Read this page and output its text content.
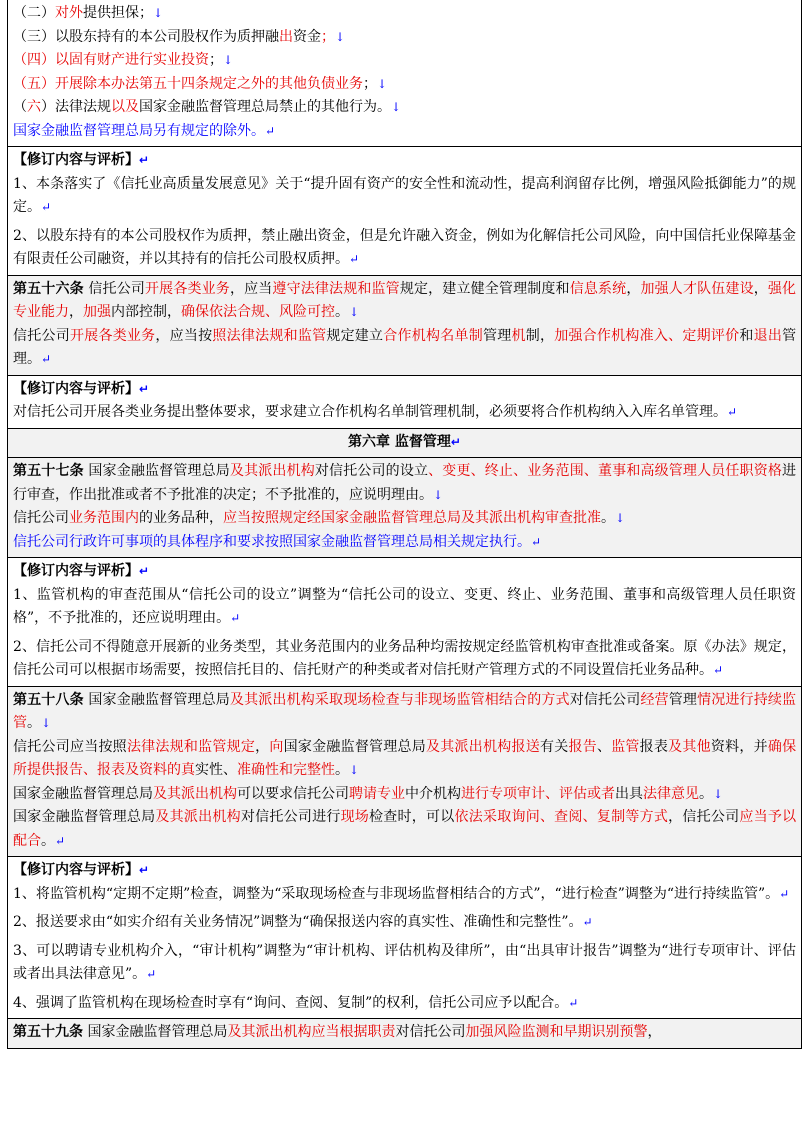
（二）对外提供担保；↓

（三）以股东持有的本公司股权作为质押融出资金；↓

（四）以固有财产进行实业投资；↓

（五）开展除本办法第五十四条规定之外的其他负债业务；↓

（六）法律法规以及国家金融监督管理总局禁止的其他行为。↓

国家金融监督管理总局另有规定的除外。↵

【修订内容与评析】↵

1、本条落实了《信托业高质量发展意见》关于“提升固有资产的安全性和流动性，提高利润留存比例，增强风险抵御能力”的规定。↵

2、以股东持有的本公司股权作为质押，禁止融出资金，但是允许融入资金，例如为化解信托公司风险，向中国信托业保障基金有限责任公司融资，并以其持有的信托公司股权质押。↵

第五十六条 信托公司开展各类业务，应当遵守法律法规和监管规定，建立健全管理制度和信息系统，加强人才队伍建设，强化专业能力，加强内部控制，确保依法合规、风险可控。↓

信托公司开展各类业务，应当按照法律法规和监管规定建立合作机构名单制管理机制，加强合作机构准入、定期评价和退出管理。↵

【修订内容与评析】↵

对信托公司开展各类业务提出整体要求，要求建立合作机构名单制管理机制，必须要将合作机构纳入入库名单管理。↵

第六章 监督管理↵

第五十七条 国家金融监督管理总局及其派出机构对信托公司的设立、变更、终止、业务范围、董事和高级管理人员任职资格进行审查，作出批准或者不予批准的决定；不予批准的，应说明理由。↓

信托公司业务范围内的业务品种，应当按照规定经国家金融监督管理总局及其派出机构审查批准。↓

信托公司行政许可事项的具体程序和要求按照国家金融监督管理总局相关规定执行。↵

【修订内容与评析】↵

1、监管机构的审查范围从“信托公司的设立”调整为“信托公司的设立、变更、终止、业务范围、董事和高级管理人员任职资格”，不予批准的，还应说明理由。↵

2、信托公司不得随意开展新的业务类型，其业务范围内的业务品种均需按规定经监管机构审查批准或备案。原《办法》规定，信托公司可以根据市场需要，按照信托目的、信托财产的种类或者对信托财产管理方式的不同设置信托业务品种。↵

第五十八条 国家金融监督管理总局及其派出机构采取现场检查与非现场监管相结合的方式对信托公司经营管理情况进行持续监管。↓

信托公司应当按照法律法规和监管规定，向国家金融监督管理总局及其派出机构报送有关报告、监管报表及其他资料，并确保所提供报告、报表及资料的真实性、准确性和完整性。↓

国家金融监督管理总局及其派出机构可以要求信托公司聘请专业中介机构进行专项审计、评估或者出具法律意见。↓

国家金融监督管理总局及其派出机构对信托公司进行现场检查时，可以依法采取询问、查阅、复制等方式，信托公司应当予以配合。↵

【修订内容与评析】↵

1、将监管机构“定期不定期”检查，调整为“采取现场检查与非现场监督相结合的方式”，“进行检查”调整为“进行持续监管”。↵

2、报送要求由“如实介绍有关业务情况”调整为“确保报送内容的真实性、准确性和完整性”。↵

3、可以聘请专业机构介入，“审计机构”调整为“审计机构、评估机构及律所”，由“出具审计报告”调整为“进行专项审计、评估或者出具法律意见”。↵

4、强调了监管机构在现场检查时享有“询问、查阅、复制”的权利，信托公司应予以配合。↵

第五十九条 国家金融监督管理总局及其派出机构应当根据职责对信托公司加强风险监测和早期识别预警，
